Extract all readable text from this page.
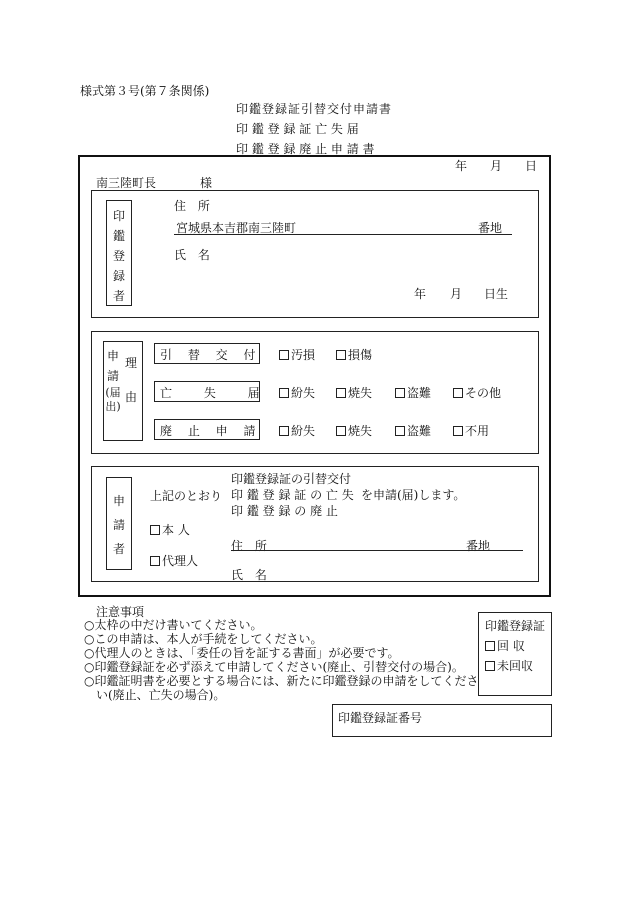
様式第３号(第７条関係)
印鑑登録証引替交付申請書
印 鑑 登 録 証 亡 失 届
印 鑑 登 録 廃 止 申 請 書
年 月 日
南三陸町長	様
印
鑑
登
録
者
住 所
宮城県本吉郡南三陸町	番地
氏 名
年 月 日生
申
請
(届
出)
理
由
引 替 交 付	汚損	損傷
亡 失 届	紛失	焼失	盗難	その他
廃 止 申 請	紛失	焼失	盗難	不用
申
請
者
上記のとおり
印鑑登録証の引替交付
印 鑑 登 録 証 の 亡 失 を申請(届)します。
印 鑑 登 録 の 廃 止
本 人
代理人
住 所	番地
氏 名
注意事項
○太枠の中だけ書いてください。
○この申請は、本人が手続をしてください。
○代理人のときは、「委任の旨を証する書面」が必要です。
○印鑑登録証を必ず添えて申請してください(廃止、引替交付の場合)。
○印鑑証明書を必要とする場合には、新たに印鑑登録の申請をしてくださ
い(廃止、亡失の場合)。
印鑑登録証
回 収
未回収
印鑑登録証番号
